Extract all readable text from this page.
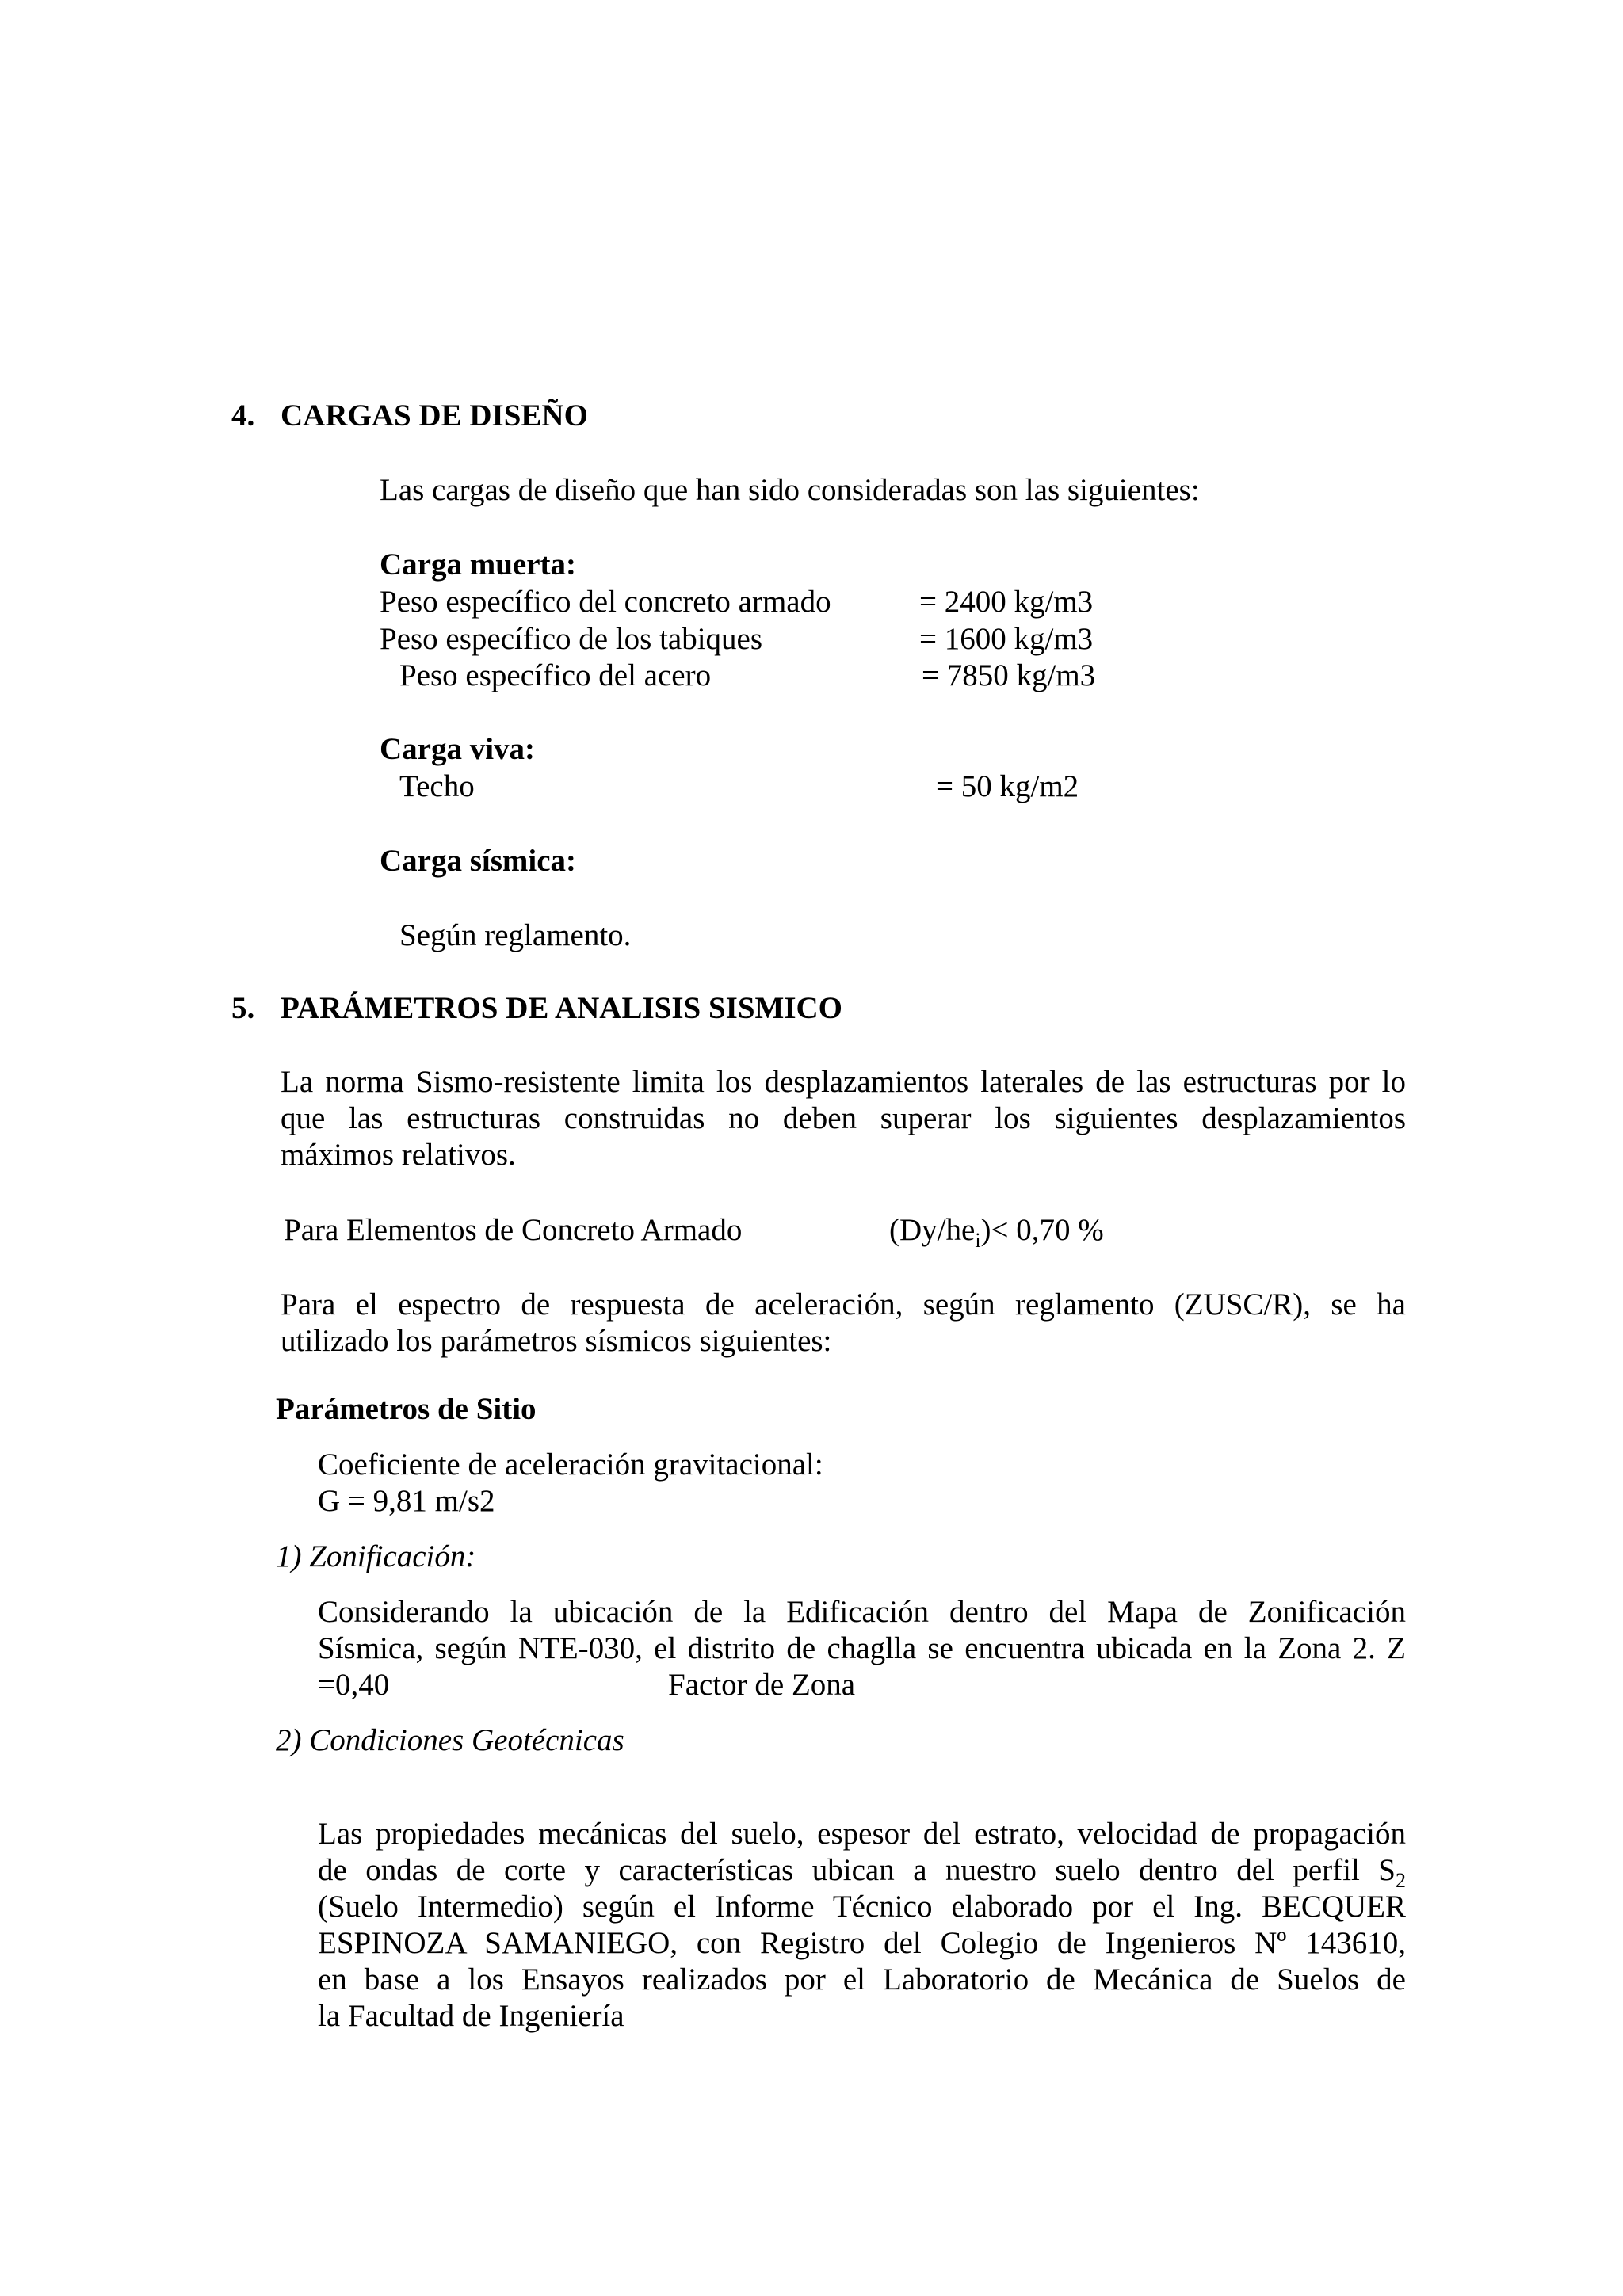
4. CARGAS DE DISEÑO
Las cargas de diseño que han sido consideradas son las siguientes:
Carga muerta:
Peso específico del concreto armado	= 2400 kg/m3
Peso específico de los tabiques	= 1600 kg/m3
Peso específico del acero	= 7850 kg/m3
Carga viva:
Techo	= 50 kg/m2
Carga sísmica:
Según reglamento.
5. PARÁMETROS DE ANALISIS SISMICO
La norma Sismo-resistente limita los desplazamientos laterales de las estructuras por lo
que las estructuras construidas no deben superar los siguientes desplazamientos
máximos relativos.
Para Elementos de Concreto Armado	$(Dy/he_i)< 0,70$ %
Para el espectro de respuesta de aceleración, según reglamento (ZUSC/R), se ha
utilizado los parámetros sísmicos siguientes:
Parámetros de Sitio
Coeficiente de aceleración gravitacional:
G = 9,81 m/s2
1) Zonificación:
Considerando la ubicación de la Edificación dentro del Mapa de Zonificación
Sísmica, según NTE-030, el distrito de chaglla se encuentra ubicada en la Zona 2. Z
=0,40	Factor de Zona
2) Condiciones Geotécnicas
Las propiedades mecánicas del suelo, espesor del estrato, velocidad de propagación
de ondas de corte y características ubican a nuestro suelo dentro del perfil $S_2$
(Suelo Intermedio) según el Informe Técnico elaborado por el Ing. BECQUER
ESPINOZA SAMANIEGO, con Registro del Colegio de Ingenieros Nº 143610,
en base a los Ensayos realizados por el Laboratorio de Mecánica de Suelos de
la Facultad de Ingeniería
